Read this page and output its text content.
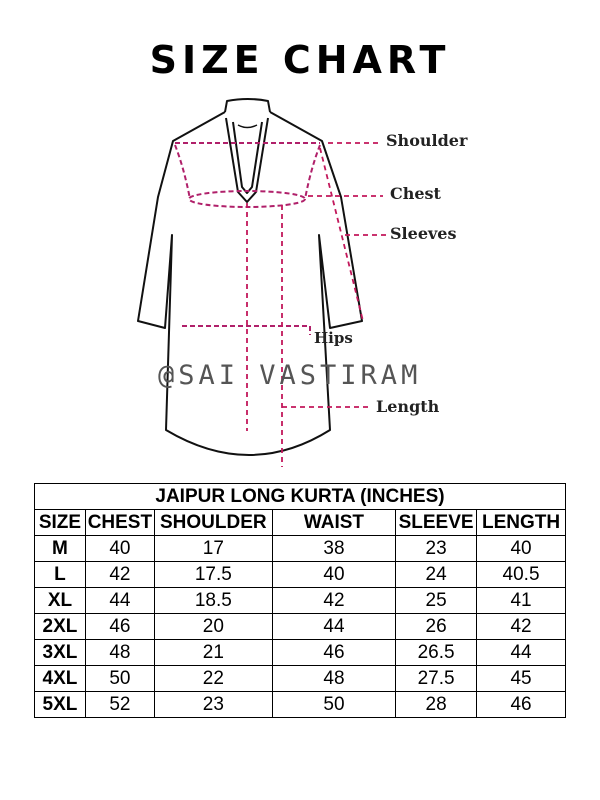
SIZE CHART
Shoulder
Chest
Sleeves
Hips
Length
@SAI VASTIRAM
JAIPUR LONG KURTA (INCHES)					
SIZE	CHEST	SHOULDER	WAIST	SLEEVE	LENGTH
M	40	17	38	23	40
L	42	17.5	40	24	40.5
XL	44	18.5	42	25	41
2XL	46	20	44	26	42
3XL	48	21	46	26.5	44
4XL	50	22	48	27.5	45
5XL	52	23	50	28	46
